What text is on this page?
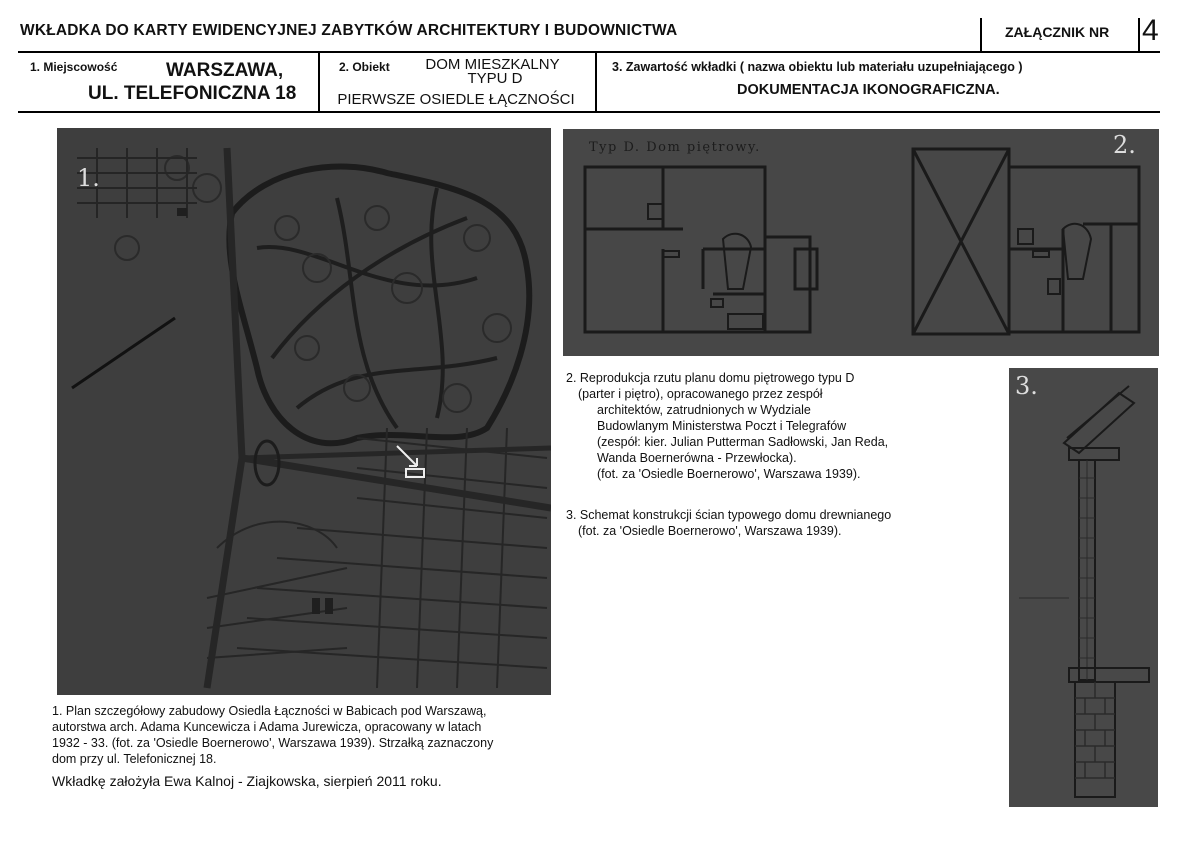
WKŁADKA DO KARTY EWIDENCYJNEJ ZABYTKÓW ARCHITEKTURY I BUDOWNICTWA	ZAŁĄCZNIK NR 4
1. Miejscowość	WARSZAWA,
UL. TELEFONICZNA 18
2. Obiekt	DOM MIESZKALNY
TYPU D
PIERWSZE OSIEDLE ŁĄCZNOŚCI
3. Zawartość wkładki ( nazwa obiektu lub materiału uzupełniającego )
DOKUMENTACJA IKONOGRAFICZNA.
1.
1. Plan szczegółowy zabudowy Osiedla Łączności w Babicach pod Warszawą,
autorstwa arch. Adama Kuncewicza i Adama Jurewicza, opracowany w latach
1932 - 33. (fot. za 'Osiedle Boernerowo', Warszawa 1939). Strzałką zaznaczony
dom przy ul. Telefonicznej 18.
Wkładkę założyła Ewa Kalnoj - Ziajkowska, sierpień 2011 roku.
Typ D. Dom piętrowy.	2.
2. Reprodukcja rzutu planu domu piętrowego typu D
(parter i piętro), opracowanego przez zespół
architektów, zatrudnionych w Wydziale
Budowlanym Ministerstwa Poczt i Telegrafów
(zespół: kier. Julian Putterman Sadłowski, Jan Reda,
Wanda Boernerówna - Przewłocka).
(fot. za 'Osiedle Boernerowo', Warszawa 1939).
3. Schemat konstrukcji ścian typowego domu drewnianego
(fot. za 'Osiedle Boernerowo', Warszawa 1939).
3.
